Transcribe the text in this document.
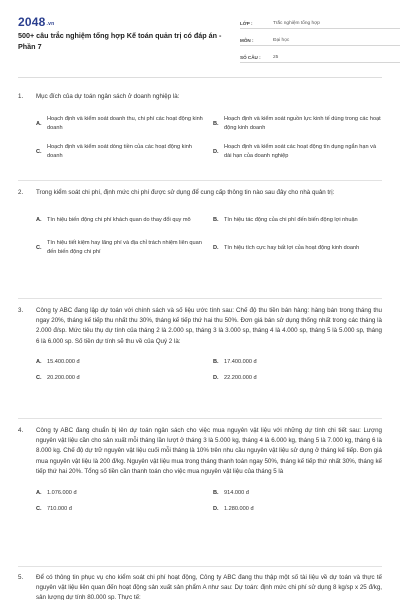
2048.vn
500+ câu trắc nghiệm tổng hợp Kế toán quản trị có đáp án - Phần 7
LỚP :	Trắc nghiệm tổng hợp
MÔN :	Đại học
SỐ CÂU :	25
1.	Mục đích của dự toán ngân sách ở doanh nghiệp là:
A.
Hoạch định và kiểm soát doanh thu, chi phí các hoạt động kinh doanh
B.
Hoạch định và kiểm soát nguồn lực kinh tế dùng trong các hoạt động kinh doanh
C.
Hoạch định và kiểm soát dòng tiền của các hoạt động kinh doanh
D.
Hoạch định và kiểm soát các hoạt động tín dụng ngắn hạn và dài hạn của doanh nghiệp
2.	Trong kiểm soát chi phí, định mức chi phí được sử dụng để cung cấp thông tin nào sau đây cho nhà quản trị:
A. Tín hiệu biến động chi phí khách quan do thay đổi quy mô	B. Tín hiệu tác động của chi phí đến biến động lợi nhuận
C.
Tín hiệu tiết kiệm hay lãng phí và địa chỉ trách nhiệm liên quan đến biến động chi phí
D. Tín hiệu tích cực hay bất lợi của hoạt động kinh doanh
3.	Công ty ABC đang lập dự toán với chính sách và số liệu ước tính sau: Chế độ thu tiền bán hàng: hàng bán trong tháng thu ngay 20%, tháng kế tiếp thu nhất thu 30%, tháng kế tiếp thứ hai thu 50%. Đơn giá bán sử dụng thống nhất trong các tháng là 2.000 đ/sp. Mức tiêu thụ dự tính của tháng 2 là 2.000 sp, tháng 3 là 3.000 sp, tháng 4 là 4.000 sp, tháng 5 là 5.000 sp, tháng 6 là 6.000 sp. Số tiền dự tính sẽ thu về của Quý 2 là:
A. 15.400.000 đ	B. 17.400.000 đ
C. 20.200.000 đ	D. 22.200.000 đ
4.	Công ty ABC đang chuẩn bị lên dự toán ngân sách cho việc mua nguyên vật liệu với những dự tính chi tiết sau: Lượng nguyên vật liệu cần cho sản xuất mỗi tháng lần lượt ở tháng 3 là 5.000 kg, tháng 4 là 6.000 kg, tháng 5 là 7.000 kg, tháng 6 là 8.000 kg. Chế độ dự trữ nguyên vật liệu cuối mỗi tháng là 10% trên nhu cầu nguyên vật liệu sử dụng ở tháng kế tiếp. Đơn giá mua nguyên vật liệu là 200 đ/kg. Nguyên vật liệu mua trong tháng thanh toán ngay 50%, tháng kế tiếp thứ nhất 30%, tháng kế tiếp thứ hai 20%. Tổng số tiền cần thanh toán cho việc mua nguyên vật liệu của tháng 5 là
A. 1.076.000 đ	B. 914.000 đ
C. 710.000 đ	D. 1.280.000 đ
5.	Để có thông tin phục vụ cho kiểm soát chi phí hoạt động, Công ty ABC đang thu thập một số tài liệu về dự toán và thực tế nguyên vật liệu liên quan đến hoạt động sản xuất sản phẩm A như sau: Dự toán: định mức chi phí sử dụng 8 kg/sp x 25 đ/kg, sản lượng dự tính 80.000 sp. Thực tế:
